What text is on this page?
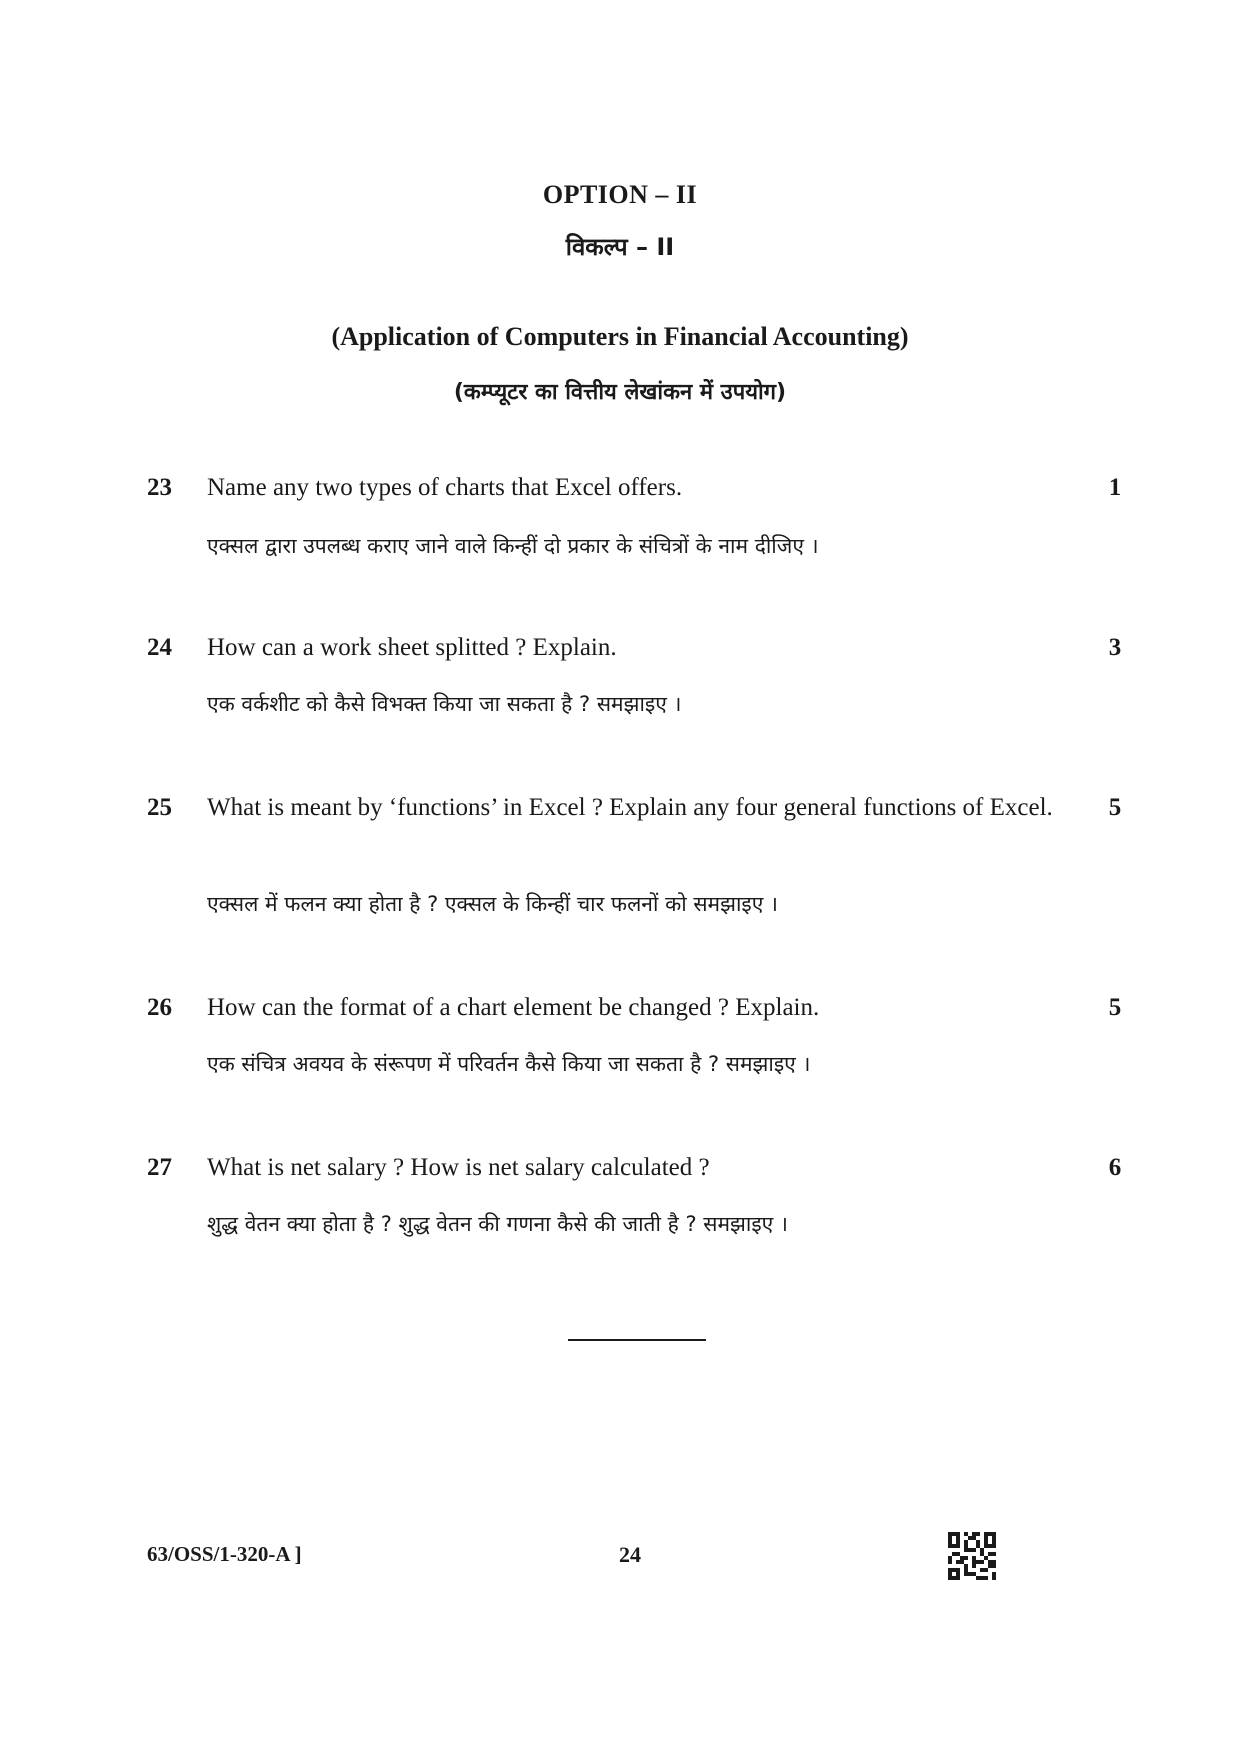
OPTION – II
विकल्प – II
(Application of Computers in Financial Accounting)
(कम्प्यूटर का वित्तीय लेखांकन में उपयोग)
23 Name any two types of charts that Excel offers.	1
एक्सल द्वारा उपलब्ध कराए जाने वाले किन्हीं दो प्रकार के संचित्रों के नाम दीजिए ।
24 How can a work sheet splitted ? Explain.	3
एक वर्कशीट को कैसे विभक्त किया जा सकता है ? समझाइए ।
25 What is meant by ‘functions’ in Excel ? Explain any four general functions of Excel.	5
एक्सल में फलन क्या होता है ? एक्सल के किन्हीं चार फलनों को समझाइए ।
26 How can the format of a chart element be changed ? Explain.	5
एक संचित्र अवयव के संरूपण में परिवर्तन कैसे किया जा सकता है ? समझाइए ।
27 What is net salary ? How is net salary calculated ?	6
शुद्ध वेतन क्या होता है ? शुद्ध वेतन की गणना कैसे की जाती है ? समझाइए ।
63/OSS/1-320-A ]	24
